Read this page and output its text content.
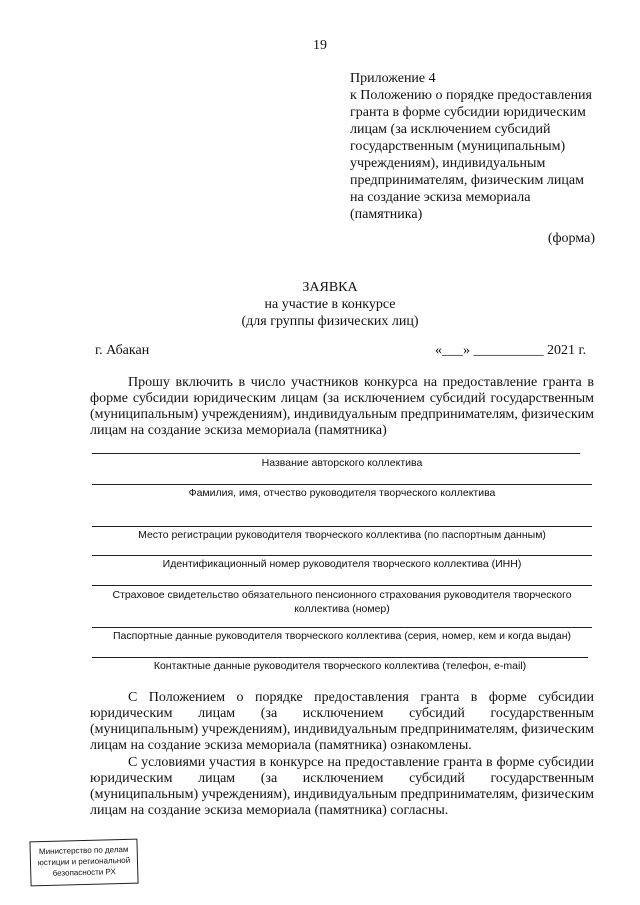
19
Приложение 4
к Положению о порядке предоставления
гранта в форме субсидии юридическим
лицам (за исключением субсидий
государственным (муниципальным)
учреждениям), индивидуальным
предпринимателям, физическим лицам
на создание эскиза мемориала
(памятника)
(форма)
ЗАЯВКА
на участие в конкурсе
(для группы физических лиц)
г. Абакан	«___» __________ 2021 г.
Прошу включить в число участников конкурса на предоставление гранта в форме субсидии юридическим лицам (за исключением субсидий государственным (муниципальным) учреждениям), индивидуальным предпринимателям, физическим лицам на создание эскиза мемориала (памятника)
Название авторского коллектива
Фамилия, имя, отчество руководителя творческого коллектива
Место регистрации руководителя творческого коллектива (по паспортным данным)
Идентификационный номер руководителя творческого коллектива (ИНН)
Страховое свидетельство обязательного пенсионного страхования руководителя творческого коллектива (номер)
Паспортные данные руководителя творческого коллектива (серия, номер, кем и когда выдан)
Контактные данные руководителя творческого коллектива (телефон, e-mail)
С Положением о порядке предоставления гранта в форме субсидии юридическим лицам (за исключением субсидий государственным (муниципальным) учреждениям), индивидуальным предпринимателям, физическим лицам на создание эскиза мемориала (памятника) ознакомлены.
С условиями участия в конкурсе на предоставление гранта в форме субсидии юридическим лицам (за исключением субсидий государственным (муниципальным) учреждениям), индивидуальным предпринимателям, физическим лицам на создание эскиза мемориала (памятника) согласны.
Министерство по делам
юстиции и региональной
безопасности РХ
